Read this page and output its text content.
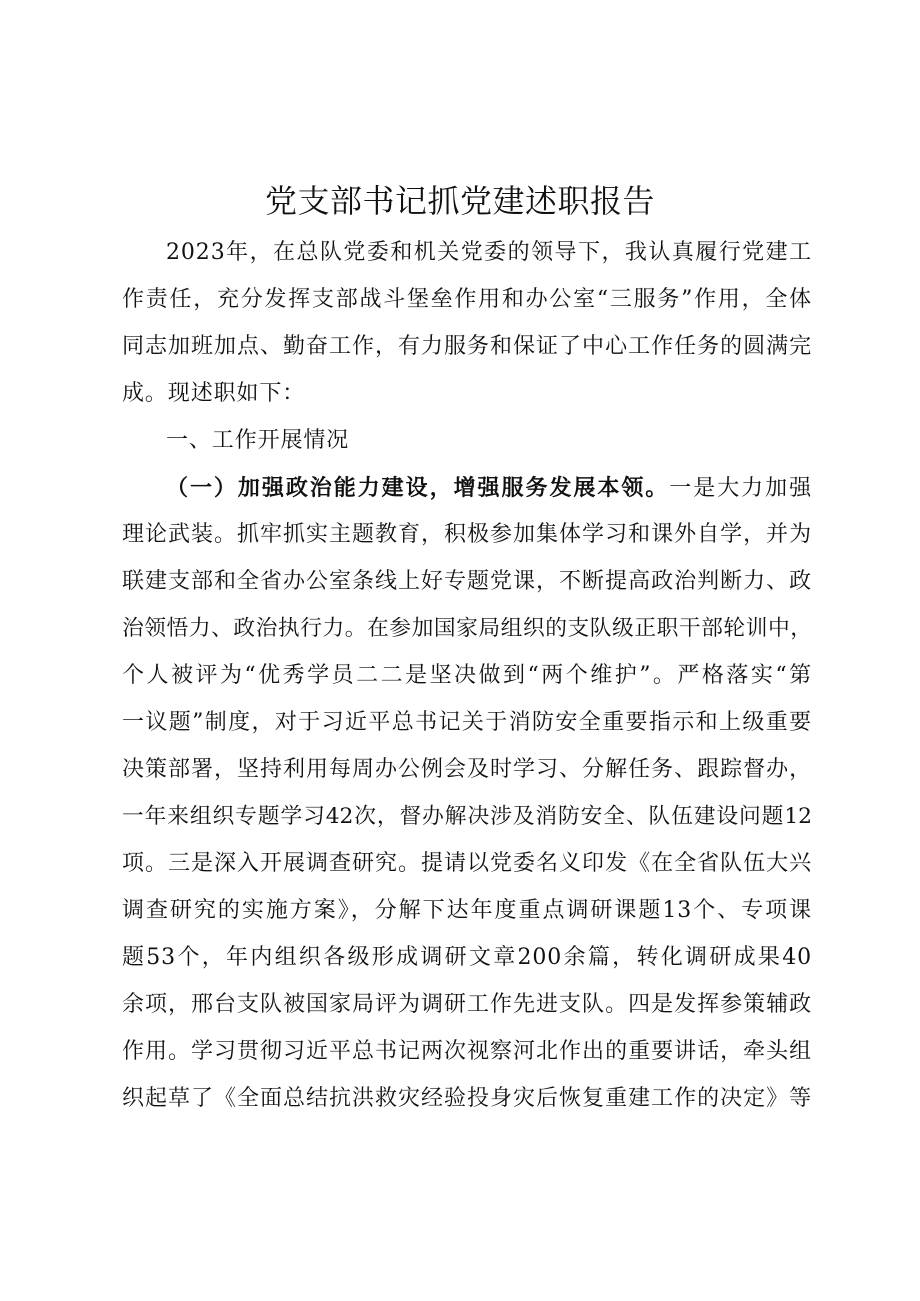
党支部书记抓党建述职报告
2023年，在总队党委和机关党委的领导下，我认真履行党建工
作责任，充分发挥支部战斗堡垒作用和办公室“三服务”作用，全体
同志加班加点、勤奋工作，有力服务和保证了中心工作任务的圆满完
成。现述职如下：
一、工作开展情况
（一）加强政治能力建设，增强服务发展本领。一是大力加强
理论武装。抓牢抓实主题教育，积极参加集体学习和课外自学，并为
联建支部和全省办公室条线上好专题党课，不断提高政治判断力、政
治领悟力、政治执行力。在参加国家局组织的支队级正职干部轮训中，
个人被评为“优秀学员二二是坚决做到“两个维护”。严格落实“第
一议题”制度，对于习近平总书记关于消防安全重要指示和上级重要
决策部署，坚持利用每周办公例会及时学习、分解任务、跟踪督办，
一年来组织专题学习42次，督办解决涉及消防安全、队伍建设问题12
项。三是深入开展调查研究。提请以党委名义印发《在全省队伍大兴
调查研究的实施方案》，分解下达年度重点调研课题13个、专项课
题53个，年内组织各级形成调研文章200余篇，转化调研成果40
余项，邢台支队被国家局评为调研工作先进支队。四是发挥参策辅政
作用。学习贯彻习近平总书记两次视察河北作出的重要讲话，牵头组
织起草了《全面总结抗洪救灾经验投身灾后恢复重建工作的决定》等
